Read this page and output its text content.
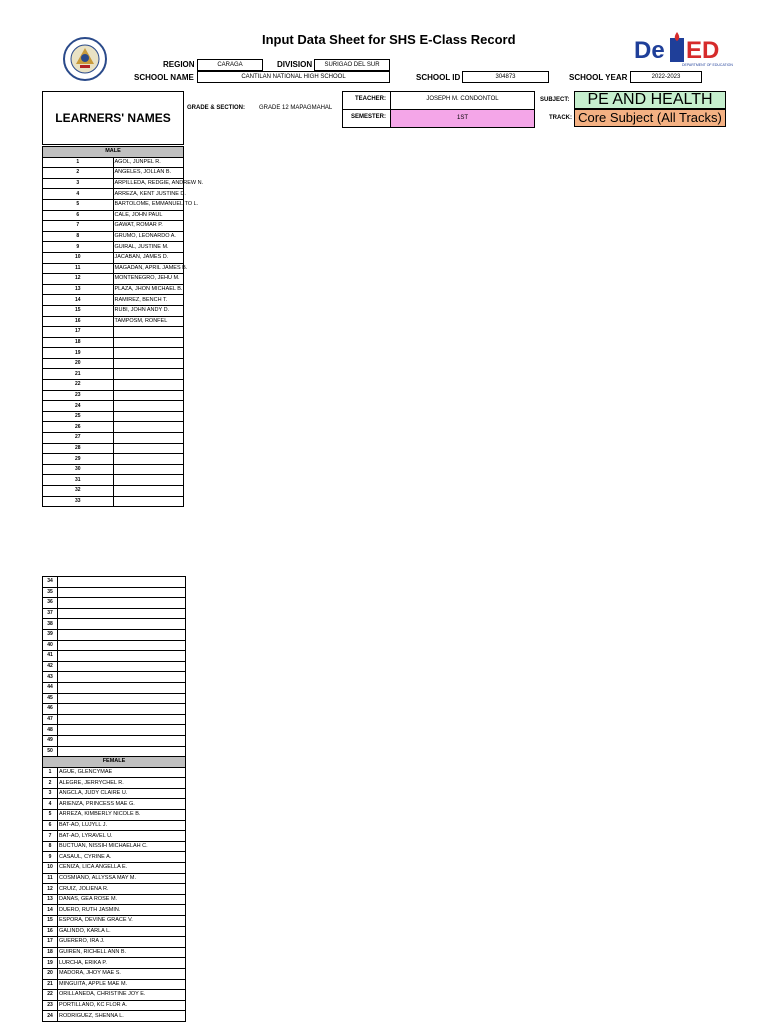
Input Data Sheet for SHS E-Class Record	De ED
DEPARTMENT OF EDUCATION
REGION	CARAGA	DIVISION	SURIGAO DEL SUR
SCHOOL NAME	CANTILAN NATIONAL HIGH SCHOOL	SCHOOL ID	304873	SCHOOL YEAR	2022-2023
LEARNERS' NAMES
GRADE & SECTION: GRADE 12 MAPAGMAHAL
TEACHER:	JOSEPH M. CONDONTOL
SEMESTER:	1ST
SUBJECT:	PE AND HEALTH
TRACK: Core Subject (All Tracks)
MALE	
1	AGOL, JUNPEL R.
2	ANGELES, JOLLAN B.
3	ARPILLEDA, REDGIE, ANDREW N.
4	ARREZA, KENT JUSTINE D.
5	BARTOLOME, EMMANUELITO L.
6	CALE, JOHN PAUL
7	GAWAT, ROMAR P.
8	GRUMO, LEONARDO A.
9	GUIRAL, JUSTINE M.
10	JACABAN, JAMES D.
11	MAGADAN, APRIL JAMES B.
12	MONTENEGRO, JEHU M.
13	PLAZA, JHON MICHAEL B.
14	RAMIREZ, BENCH T.
15	RUBI, JOHN ANDY D.
16	TAMPOSM, RONFEL
17	
18	
19	
20	
21	
22	
23	
24	
25	
26	
27	
28	
29	
30	
31	
32	
33	
34	
35	
36	
37	
38	
39	
40	
41	
42	
43	
44	
45	
46	
47	
48	
49	
50	
FEMALE	
1	AGUE, GLENCYMAE
2	ALEGRE, JERRYCHEL R.
3	ANGCLA, JUDY CLAIRE U.
4	ARIENZA, PRINCESS MAE G.
5	ARREZA, KIMBERLY NICOLE B.
6	BAT-AO, LUJYLL J.
7	BAT-AO, LYRAVEL U.
8	BUCTUAN, NISSIH MICHAELAH C.
9	CASAUL, CYRINE A.
10	CENIZA, LICA ANGELLA E.
11	COSMIANO, ALLYSSA MAY M.
12	CRUIZ, JOLIENA R.
13	DANAS, GEA ROSE M.
14	DUERO, RUTH JASMIN.
15	ESPORA, DEVINE GRACE V.
16	GALINDO, KARLA L.
17	GUERERO, IRA J.
18	GUIREN, RICHELL ANN B.
19	LURCHA, ERIKA P.
20	MADORA, JHOY MAE S.
21	MINGUITA, APPLE MAE M.
22	ORILLANEDA, CHRISTINE JOY E.
23	PORTILLANO, KC FLOR A.
24	RODRIGUEZ, SHENNA L.
